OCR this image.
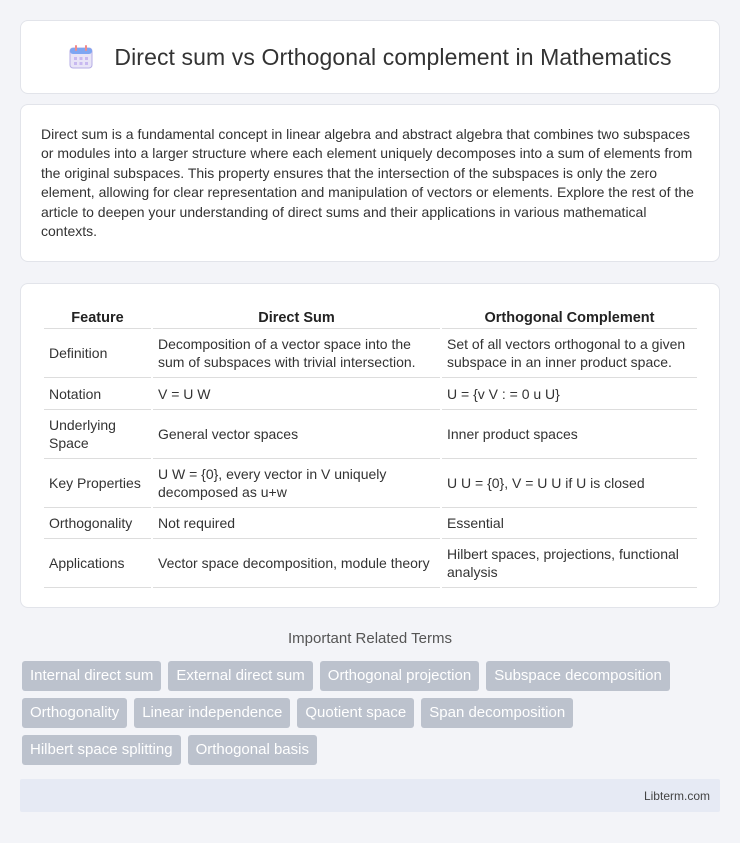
Direct sum vs Orthogonal complement in Mathematics

Direct sum is a fundamental concept in linear algebra and abstract algebra that combines two subspaces or modules into a larger structure where each element uniquely decomposes into a sum of elements from the original subspaces. This property ensures that the intersection of the subspaces is only the zero element, allowing for clear representation and manipulation of vectors or elements. Explore the rest of the article to deepen your understanding of direct sums and their applications in various mathematical contexts.

Feature	Direct Sum	Orthogonal Complement
Definition	Decomposition of a vector space into the sum of subspaces with trivial intersection.	Set of all vectors orthogonal to a given subspace in an inner product space.
Notation	V = U W	U = {v V : = 0 u U}
Underlying Space	General vector spaces	Inner product spaces
Key Properties	U W = {0}, every vector in V uniquely decomposed as u+w	U U = {0}, V = U U if U is closed
Orthogonality	Not required	Essential
Applications	Vector space decomposition, module theory	Hilbert spaces, projections, functional analysis
Important Related Terms
Internal direct sum	External direct sum	Orthogonal projection	Subspace decomposition
Orthogonality	Linear independence	Quotient space	Span decomposition
Hilbert space splitting	Orthogonal basis
Libterm.com
